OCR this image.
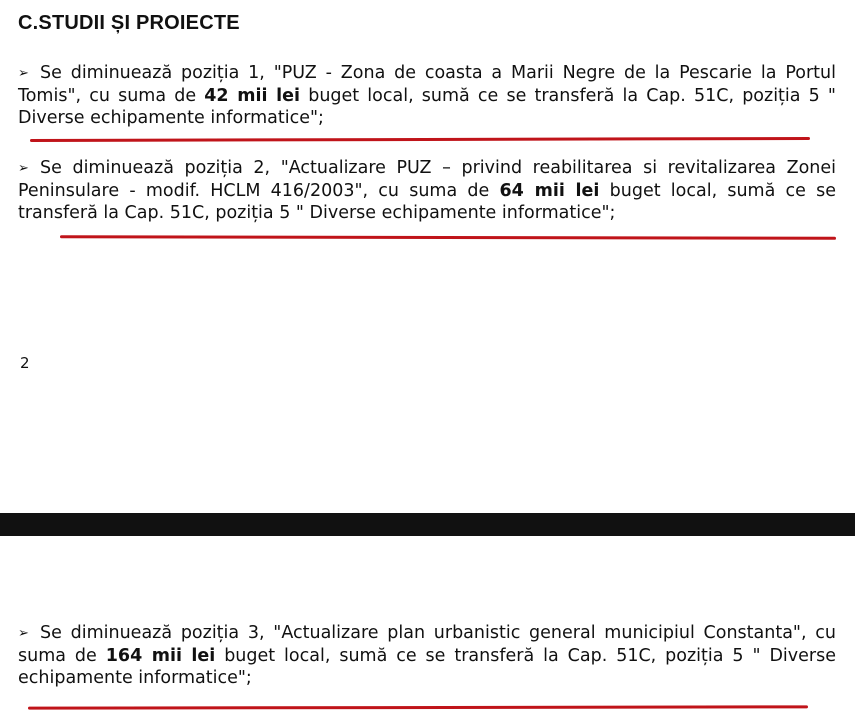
C.STUDII ȘI PROIECTE

➢ Se diminuează poziția 1, "PUZ - Zona de coasta a Marii Negre de la Pescarie la Portul Tomis", cu suma de 42 mii lei buget local, sumă ce se transferă la Cap. 51C, poziția 5 " Diverse echipamente informatice";

➢ Se diminuează poziția 2, "Actualizare PUZ – privind reabilitarea si revitalizarea Zonei Peninsulare - modif. HCLM 416/2003", cu suma de 64 mii lei buget local, sumă ce se transferă la Cap. 51C, poziția 5 " Diverse echipamente informatice";

2

➢ Se diminuează poziția 3, "Actualizare plan urbanistic general municipiul Constanta", cu suma de 164 mii lei buget local, sumă ce se transferă la Cap. 51C, poziția 5 " Diverse echipamente informatice";
